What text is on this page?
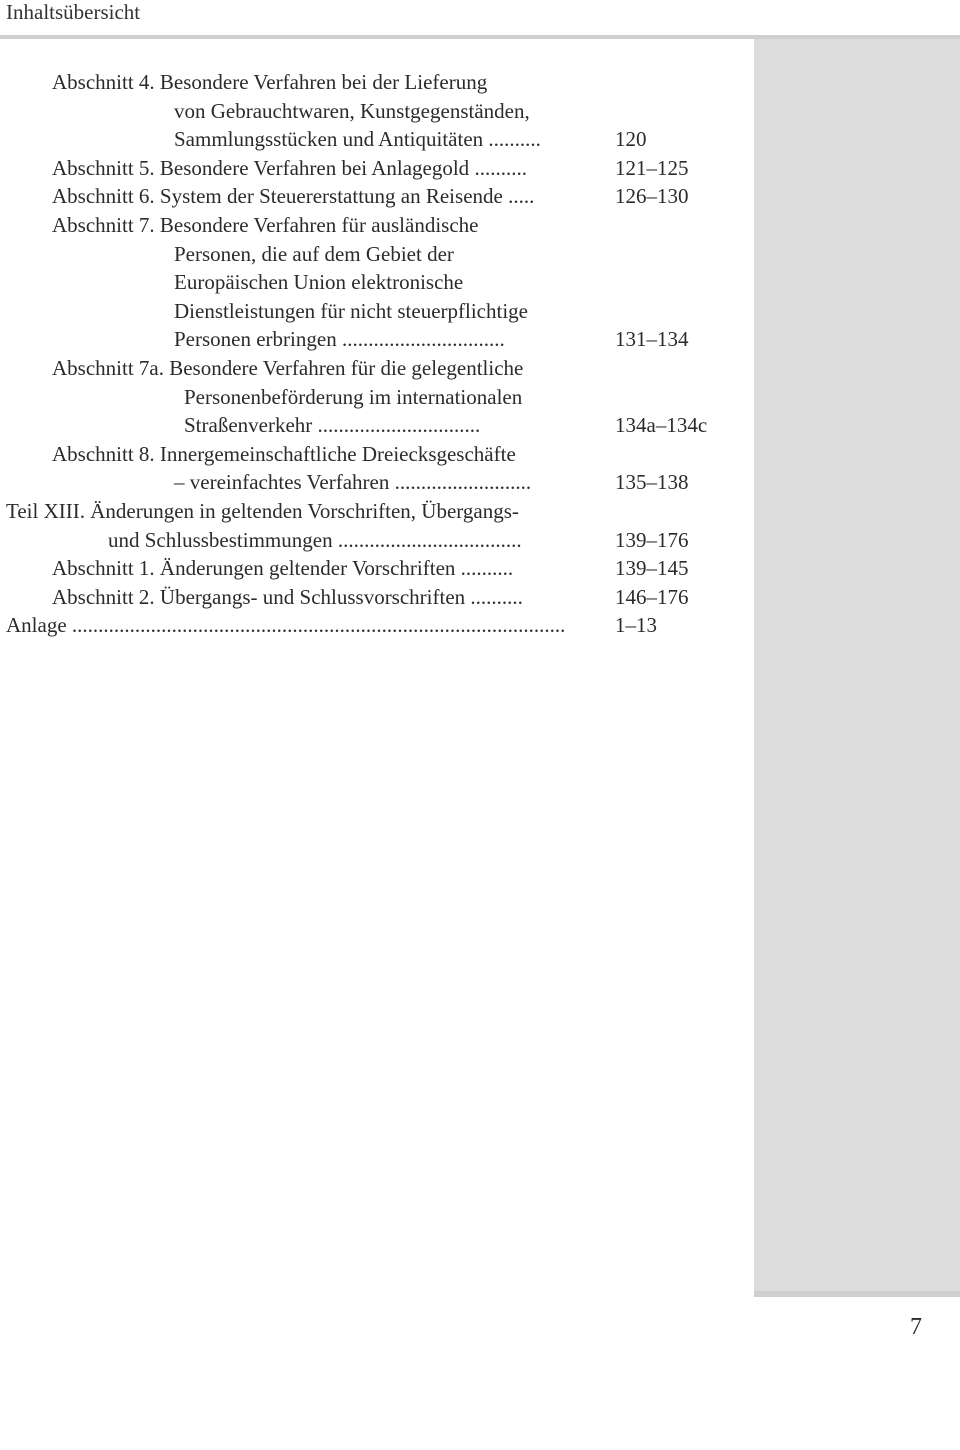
Inhaltsübersicht
7
Abschnitt 4. Besondere Verfahren bei der Lieferung
von Gebrauchtwaren, Kunstgegenständen,
Sammlungsstücken und Antiquitäten ..........	120
Abschnitt 5. Besondere Verfahren bei Anlagegold ..........	121–125
Abschnitt 6. System der Steuererstattung an Reisende .....	126–130
Abschnitt 7. Besondere Verfahren für ausländische
Personen, die auf dem Gebiet der
Europäischen Union elektronische
Dienstleistungen für nicht steuerpflichtige
Personen erbringen ...............................	131–134
Abschnitt 7a. Besondere Verfahren für die gelegentliche
Personenbeförderung im internationalen
Straßenverkehr ...............................	134a–134c
Abschnitt 8. Innergemeinschaftliche Dreiecksgeschäfte
– vereinfachtes Verfahren ..........................	135–138
Teil XIII. Änderungen in geltenden Vorschriften, Übergangs-
und Schlussbestimmungen ...................................	139–176
Abschnitt 1. Änderungen geltender Vorschriften ..........	139–145
Abschnitt 2. Übergangs- und Schlussvorschriften ..........	146–176
Anlage .............................................................................................. 1–13
